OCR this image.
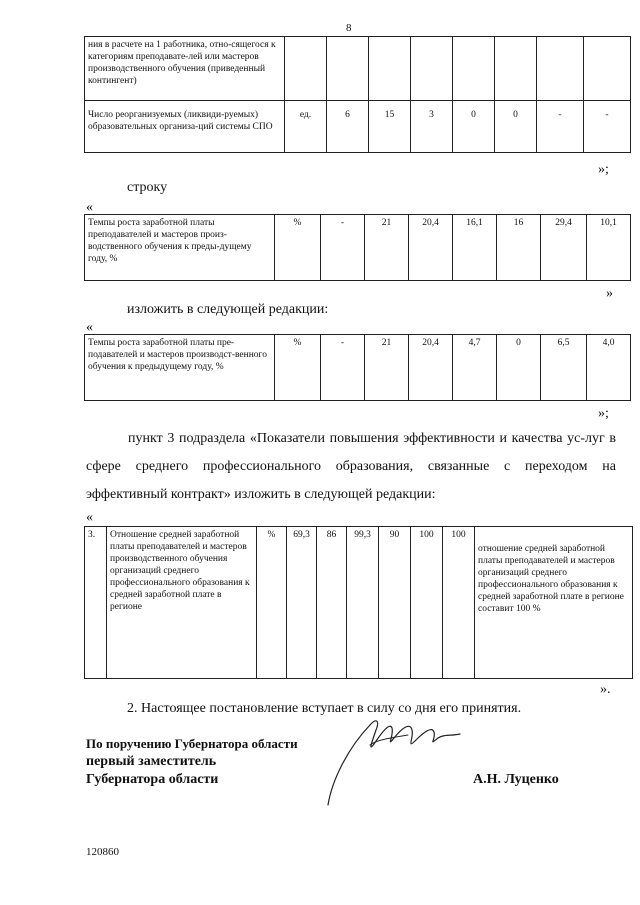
8
ния в расчете на 1 работника, отно-сящегося к категориям преподавате-лей или мастеров производственного обучения (приведенный контингент)								
Число реорганизуемых (ликвиди-руемых) образовательных организа-ций системы СПО	ед.	6	15	3	0	0	-	-
»;
строку
«
Темпы роста заработной платы преподавателей и мастеров произ-водственного обучения к преды-дущему году, %	%	-	21	20,4	16,1	16	29,4	10,1
»
изложить в следующей редакции:
«
Темпы роста заработной платы пре-подавателей и мастеров производст-венного обучения к предыдущему году, %	%	-	21	20,4	4,7	0	6,5	4,0
»;
пункт 3 подраздела «Показатели повышения эффективности и качества ус-луг в сфере среднего профессионального образования, связанные с переходом на эффективный контракт» изложить в следующей редакции:
«
3.	Отношение средней заработной платы преподавателей и мастеров производственного обучения организаций среднего профессионального образования к средней заработной плате в регионе	%	69,3	86	99,3	90	100	100	отношение средней заработной платы преподавателей и мастеров организаций среднего профессионального образования к средней заработной плате в регионе составит 100 %
».
2. Настоящее постановление вступает в силу со дня его принятия.
По поручению Губернатора области
первый заместитель
Губернатора области	А.Н. Луценко
120860
